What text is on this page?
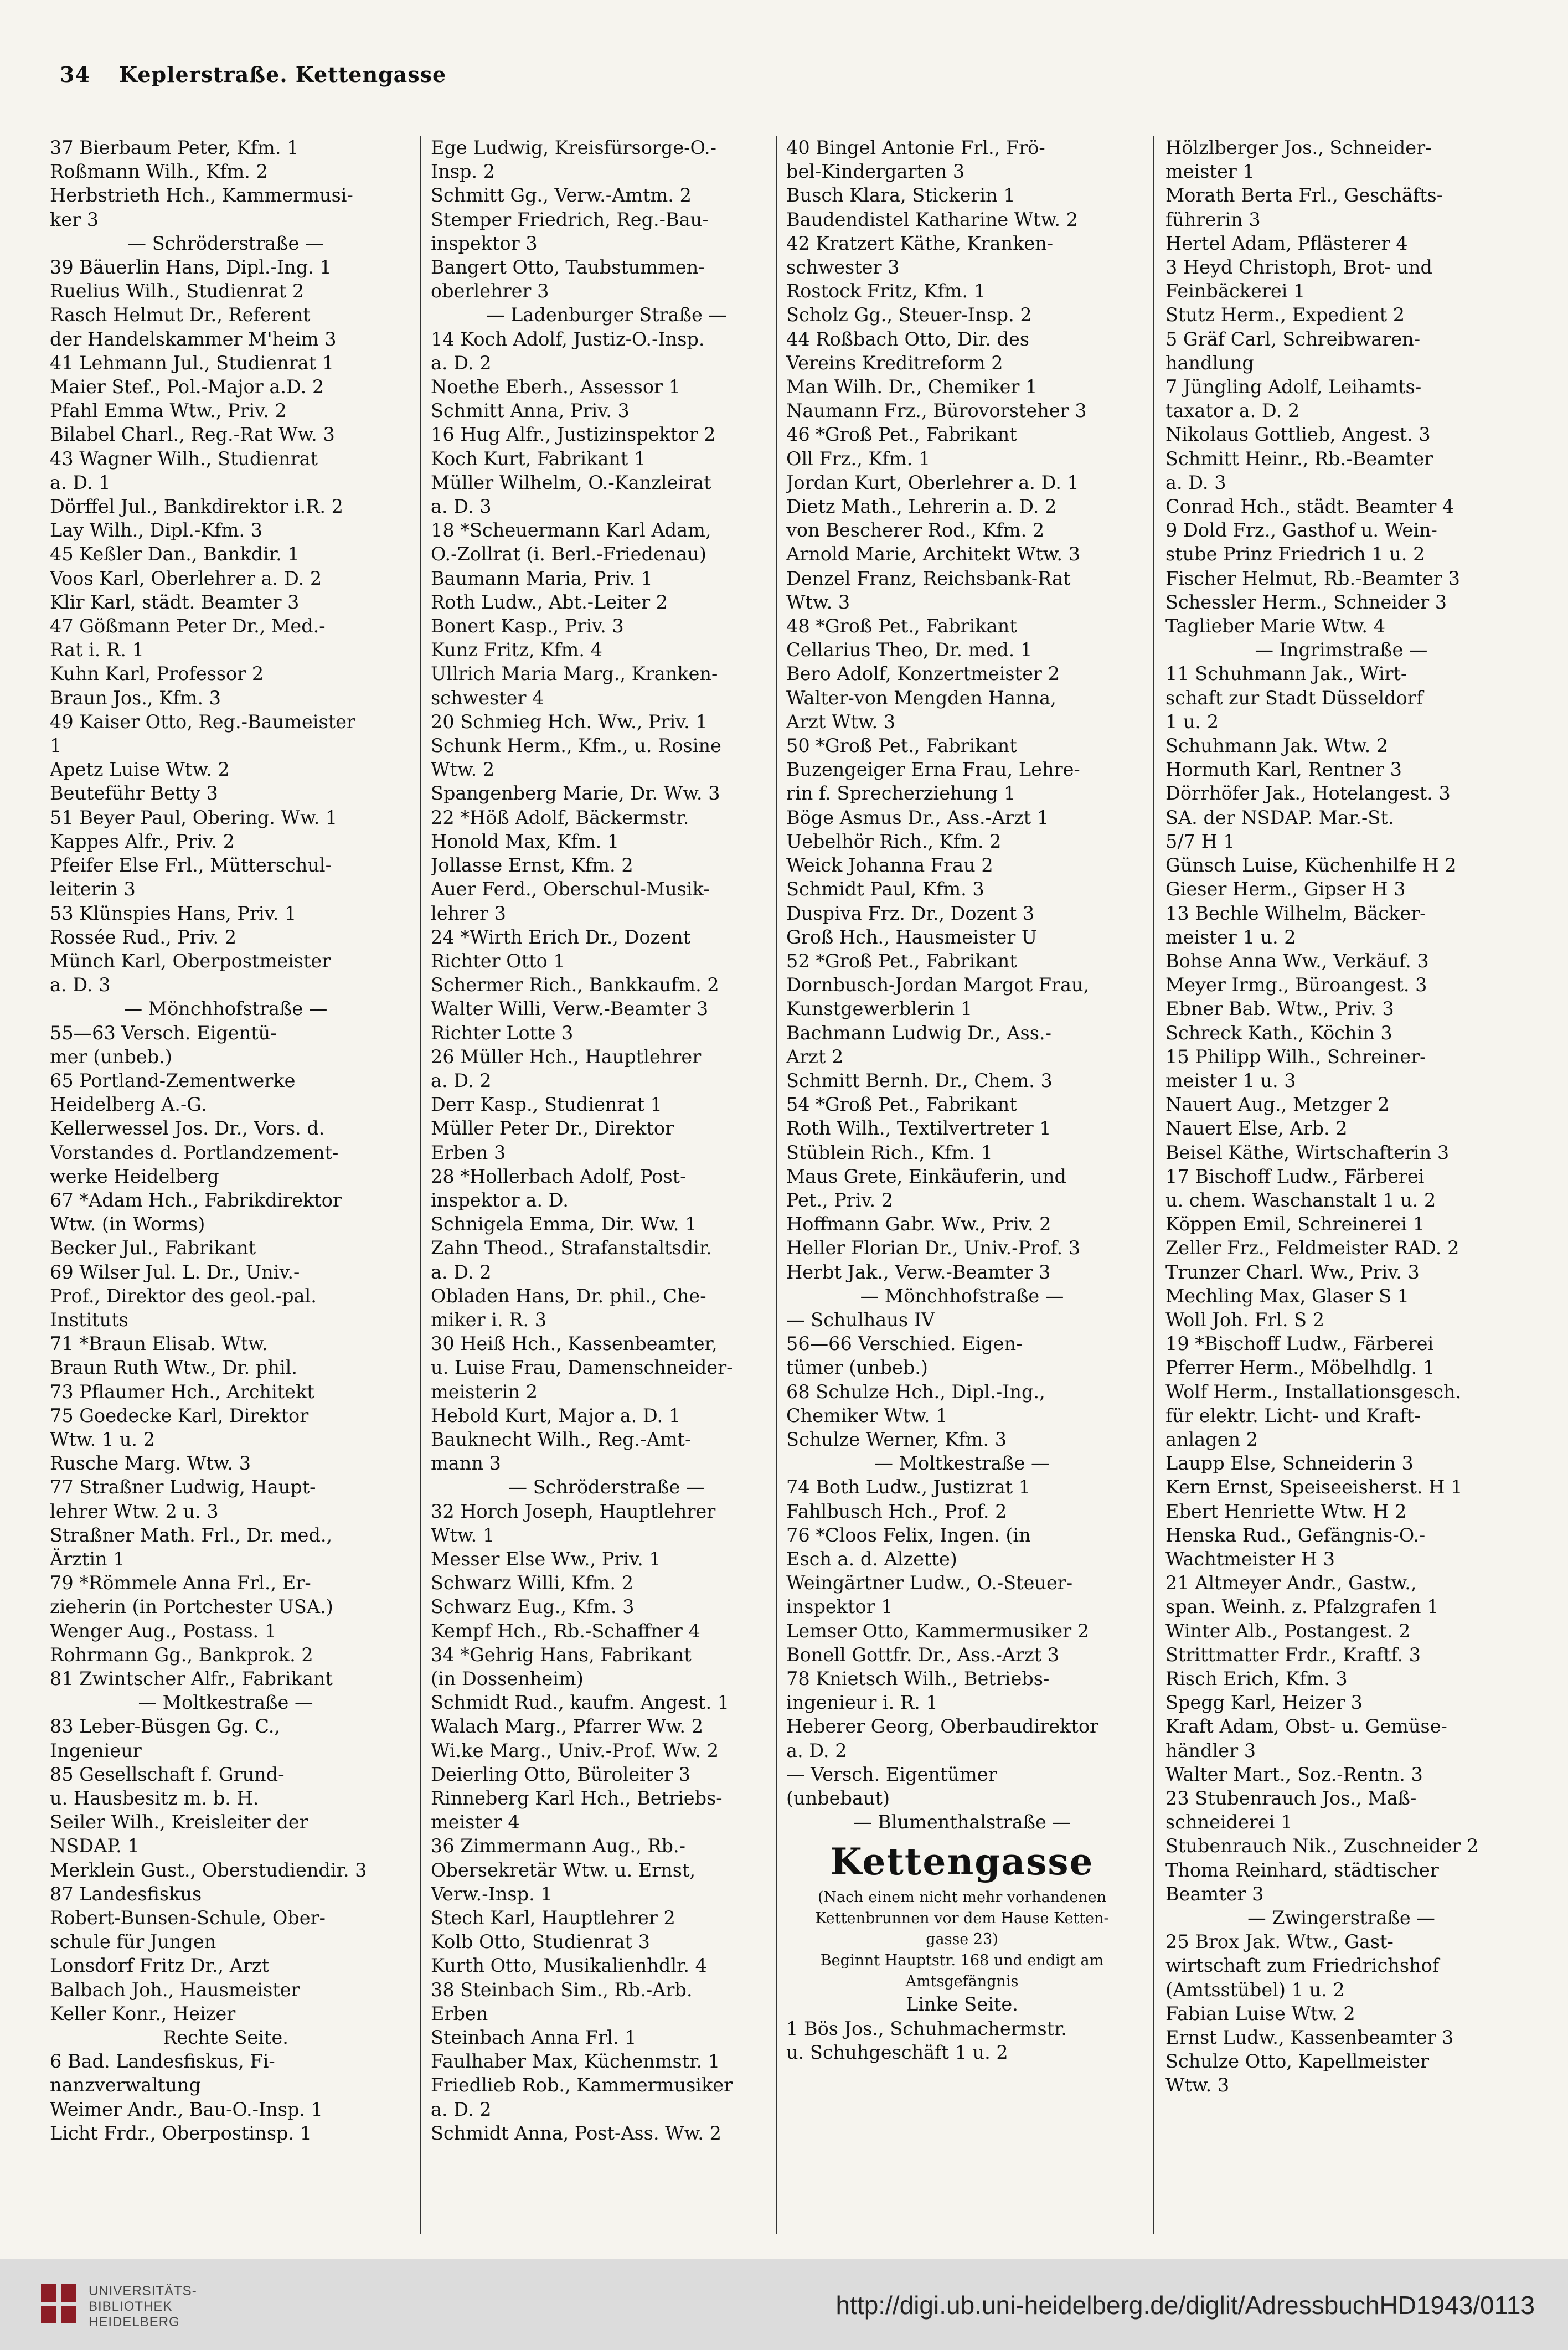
34 Keplerstraße. Kettengasse
37 Bierbaum Peter, Kfm. 1
Roßmann Wilh., Kfm. 2
Herbstrieth Hch., Kammermusi-
ker 3
— Schröderstraße —
39 Bäuerlin Hans, Dipl.-Ing. 1
Ruelius Wilh., Studienrat 2
Rasch Helmut Dr., Referent
der Handelskammer M'heim 3
41 Lehmann Jul., Studienrat 1
Maier Stef., Pol.-Major a.D. 2
Pfahl Emma Wtw., Priv. 2
Bilabel Charl., Reg.-Rat Ww. 3
43 Wagner Wilh., Studienrat
a. D. 1
Dörffel Jul., Bankdirektor i.R. 2
Lay Wilh., Dipl.-Kfm. 3
45 Keßler Dan., Bankdir. 1
Voos Karl, Oberlehrer a. D. 2
Klir Karl, städt. Beamter 3
47 Gößmann Peter Dr., Med.-
Rat i. R. 1
Kuhn Karl, Professor 2
Braun Jos., Kfm. 3
49 Kaiser Otto, Reg.-Baumeister
1
Apetz Luise Wtw. 2
Beuteführ Betty 3
51 Beyer Paul, Obering. Ww. 1
Kappes Alfr., Priv. 2
Pfeifer Else Frl., Mütterschul-
leiterin 3
53 Klünspies Hans, Priv. 1
Rossée Rud., Priv. 2
Münch Karl, Oberpostmeister
a. D. 3
— Mönchhofstraße —
55—63 Versch. Eigentü-
mer (unbeb.)
65 Portland-Zementwerke
Heidelberg A.-G.
Kellerwessel Jos. Dr., Vors. d.
Vorstandes d. Portlandzement-
werke Heidelberg
67 *Adam Hch., Fabrikdirektor
Wtw. (in Worms)
Becker Jul., Fabrikant
69 Wilser Jul. L. Dr., Univ.-
Prof., Direktor des geol.-pal.
Instituts
71 *Braun Elisab. Wtw.
Braun Ruth Wtw., Dr. phil.
73 Pflaumer Hch., Architekt
75 Goedecke Karl, Direktor
Wtw. 1 u. 2
Rusche Marg. Wtw. 3
77 Straßner Ludwig, Haupt-
lehrer Wtw. 2 u. 3
Straßner Math. Frl., Dr. med.,
Ärztin 1
79 *Römmele Anna Frl., Er-
zieherin (in Portchester USA.)
Wenger Aug., Postass. 1
Rohrmann Gg., Bankprok. 2
81 Zwintscher Alfr., Fabrikant
— Moltkestraße —
83 Leber-Büsgen Gg. C.,
Ingenieur
85 Gesellschaft f. Grund-
u. Hausbesitz m. b. H.
Seiler Wilh., Kreisleiter der
NSDAP. 1
Merklein Gust., Oberstudiendir. 3
87 Landesfiskus
Robert-Bunsen-Schule, Ober-
schule für Jungen
Lonsdorf Fritz Dr., Arzt
Balbach Joh., Hausmeister
Keller Konr., Heizer
Rechte Seite.
6 Bad. Landesfiskus, Fi-
nanzverwaltung
Weimer Andr., Bau-O.-Insp. 1
Licht Frdr., Oberpostinsp. 1
Ege Ludwig, Kreisfürsorge-O.-
Insp. 2
Schmitt Gg., Verw.-Amtm. 2
Stemper Friedrich, Reg.-Bau-
inspektor 3
Bangert Otto, Taubstummen-
oberlehrer 3
— Ladenburger Straße —
14 Koch Adolf, Justiz-O.-Insp.
a. D. 2
Noethe Eberh., Assessor 1
Schmitt Anna, Priv. 3
16 Hug Alfr., Justizinspektor 2
Koch Kurt, Fabrikant 1
Müller Wilhelm, O.-Kanzleirat
a. D. 3
18 *Scheuermann Karl Adam,
O.-Zollrat (i. Berl.-Friedenau)
Baumann Maria, Priv. 1
Roth Ludw., Abt.-Leiter 2
Bonert Kasp., Priv. 3
Kunz Fritz, Kfm. 4
Ullrich Maria Marg., Kranken-
schwester 4
20 Schmieg Hch. Ww., Priv. 1
Schunk Herm., Kfm., u. Rosine
Wtw. 2
Spangenberg Marie, Dr. Ww. 3
22 *Höß Adolf, Bäckermstr.
Honold Max, Kfm. 1
Jollasse Ernst, Kfm. 2
Auer Ferd., Oberschul-Musik-
lehrer 3
24 *Wirth Erich Dr., Dozent
Richter Otto 1
Schermer Rich., Bankkaufm. 2
Walter Willi, Verw.-Beamter 3
Richter Lotte 3
26 Müller Hch., Hauptlehrer
a. D. 2
Derr Kasp., Studienrat 1
Müller Peter Dr., Direktor
Erben 3
28 *Hollerbach Adolf, Post-
inspektor a. D.
Schnigela Emma, Dir. Ww. 1
Zahn Theod., Strafanstaltsdir.
a. D. 2
Obladen Hans, Dr. phil., Che-
miker i. R. 3
30 Heiß Hch., Kassenbeamter,
u. Luise Frau, Damenschneider-
meisterin 2
Hebold Kurt, Major a. D. 1
Bauknecht Wilh., Reg.-Amt-
mann 3
— Schröderstraße —
32 Horch Joseph, Hauptlehrer
Wtw. 1
Messer Else Ww., Priv. 1
Schwarz Willi, Kfm. 2
Schwarz Eug., Kfm. 3
Kempf Hch., Rb.-Schaffner 4
34 *Gehrig Hans, Fabrikant
(in Dossenheim)
Schmidt Rud., kaufm. Angest. 1
Walach Marg., Pfarrer Ww. 2
Wi.ke Marg., Univ.-Prof. Ww. 2
Deierling Otto, Büroleiter 3
Rinneberg Karl Hch., Betriebs-
meister 4
36 Zimmermann Aug., Rb.-
Obersekretär Wtw. u. Ernst,
Verw.-Insp. 1
Stech Karl, Hauptlehrer 2
Kolb Otto, Studienrat 3
Kurth Otto, Musikalienhdlr. 4
38 Steinbach Sim., Rb.-Arb.
Erben
Steinbach Anna Frl. 1
Faulhaber Max, Küchenmstr. 1
Friedlieb Rob., Kammermusiker
a. D. 2
Schmidt Anna, Post-Ass. Ww. 2
40 Bingel Antonie Frl., Frö-
bel-Kindergarten 3
Busch Klara, Stickerin 1
Baudendistel Katharine Wtw. 2
42 Kratzert Käthe, Kranken-
schwester 3
Rostock Fritz, Kfm. 1
Scholz Gg., Steuer-Insp. 2
44 Roßbach Otto, Dir. des
Vereins Kreditreform 2
Man Wilh. Dr., Chemiker 1
Naumann Frz., Bürovorsteher 3
46 *Groß Pet., Fabrikant
Oll Frz., Kfm. 1
Jordan Kurt, Oberlehrer a. D. 1
Dietz Math., Lehrerin a. D. 2
von Bescherer Rod., Kfm. 2
Arnold Marie, Architekt Wtw. 3
Denzel Franz, Reichsbank-Rat
Wtw. 3
48 *Groß Pet., Fabrikant
Cellarius Theo, Dr. med. 1
Bero Adolf, Konzertmeister 2
Walter-von Mengden Hanna,
Arzt Wtw. 3
50 *Groß Pet., Fabrikant
Buzengeiger Erna Frau, Lehre-
rin f. Sprecherziehung 1
Böge Asmus Dr., Ass.-Arzt 1
Uebelhör Rich., Kfm. 2
Weick Johanna Frau 2
Schmidt Paul, Kfm. 3
Duspiva Frz. Dr., Dozent 3
Groß Hch., Hausmeister U
52 *Groß Pet., Fabrikant
Dornbusch-Jordan Margot Frau,
Kunstgewerblerin 1
Bachmann Ludwig Dr., Ass.-
Arzt 2
Schmitt Bernh. Dr., Chem. 3
54 *Groß Pet., Fabrikant
Roth Wilh., Textilvertreter 1
Stüblein Rich., Kfm. 1
Maus Grete, Einkäuferin, und
Pet., Priv. 2
Hoffmann Gabr. Ww., Priv. 2
Heller Florian Dr., Univ.-Prof. 3
Herbt Jak., Verw.-Beamter 3
— Mönchhofstraße —
— Schulhaus IV
56—66 Verschied. Eigen-
tümer (unbeb.)
68 Schulze Hch., Dipl.-Ing.,
Chemiker Wtw. 1
Schulze Werner, Kfm. 3
— Moltkestraße —
74 Both Ludw., Justizrat 1
Fahlbusch Hch., Prof. 2
76 *Cloos Felix, Ingen. (in
Esch a. d. Alzette)
Weingärtner Ludw., O.-Steuer-
inspektor 1
Lemser Otto, Kammermusiker 2
Bonell Gottfr. Dr., Ass.-Arzt 3
78 Knietsch Wilh., Betriebs-
ingenieur i. R. 1
Heberer Georg, Oberbaudirektor
a. D. 2
— Versch. Eigentümer
(unbebaut)
— Blumenthalstraße —
Kettengasse
(Nach einem nicht mehr vorhandenen
Kettenbrunnen vor dem Hause Ketten-
gasse 23)
Beginnt Hauptstr. 168 und endigt am
Amtsgefängnis
Linke Seite.
1 Bös Jos., Schuhmachermstr.
u. Schuhgeschäft 1 u. 2
Hölzlberger Jos., Schneider-
meister 1
Morath Berta Frl., Geschäfts-
führerin 3
Hertel Adam, Pflästerer 4
3 Heyd Christoph, Brot- und
Feinbäckerei 1
Stutz Herm., Expedient 2
5 Gräf Carl, Schreibwaren-
handlung
7 Jüngling Adolf, Leihamts-
taxator a. D. 2
Nikolaus Gottlieb, Angest. 3
Schmitt Heinr., Rb.-Beamter
a. D. 3
Conrad Hch., städt. Beamter 4
9 Dold Frz., Gasthof u. Wein-
stube Prinz Friedrich 1 u. 2
Fischer Helmut, Rb.-Beamter 3
Schessler Herm., Schneider 3
Taglieber Marie Wtw. 4
— Ingrimstraße —
11 Schuhmann Jak., Wirt-
schaft zur Stadt Düsseldorf
1 u. 2
Schuhmann Jak. Wtw. 2
Hormuth Karl, Rentner 3
Dörrhöfer Jak., Hotelangest. 3
SA. der NSDAP. Mar.-St.
5/7 H 1
Günsch Luise, Küchenhilfe H 2
Gieser Herm., Gipser H 3
13 Bechle Wilhelm, Bäcker-
meister 1 u. 2
Bohse Anna Ww., Verkäuf. 3
Meyer Irmg., Büroangest. 3
Ebner Bab. Wtw., Priv. 3
Schreck Kath., Köchin 3
15 Philipp Wilh., Schreiner-
meister 1 u. 3
Nauert Aug., Metzger 2
Nauert Else, Arb. 2
Beisel Käthe, Wirtschafterin 3
17 Bischoff Ludw., Färberei
u. chem. Waschanstalt 1 u. 2
Köppen Emil, Schreinerei 1
Zeller Frz., Feldmeister RAD. 2
Trunzer Charl. Ww., Priv. 3
Mechling Max, Glaser S 1
Woll Joh. Frl. S 2
19 *Bischoff Ludw., Färberei
Pferrer Herm., Möbelhdlg. 1
Wolf Herm., Installationsgesch.
für elektr. Licht- und Kraft-
anlagen 2
Laupp Else, Schneiderin 3
Kern Ernst, Speiseeisherst. H 1
Ebert Henriette Wtw. H 2
Henska Rud., Gefängnis-O.-
Wachtmeister H 3
21 Altmeyer Andr., Gastw.,
span. Weinh. z. Pfalzgrafen 1
Winter Alb., Postangest. 2
Strittmatter Frdr., Kraftf. 3
Risch Erich, Kfm. 3
Spegg Karl, Heizer 3
Kraft Adam, Obst- u. Gemüse-
händler 3
Walter Mart., Soz.-Rentn. 3
23 Stubenrauch Jos., Maß-
schneiderei 1
Stubenrauch Nik., Zuschneider 2
Thoma Reinhard, städtischer
Beamter 3
— Zwingerstraße —
25 Brox Jak. Wtw., Gast-
wirtschaft zum Friedrichshof
(Amtsstübel) 1 u. 2
Fabian Luise Wtw. 2
Ernst Ludw., Kassenbeamter 3
Schulze Otto, Kapellmeister
Wtw. 3
UNIVERSITÄTS-
BIBLIOTHEK
HEIDELBERG
http://digi.ub.uni-heidelberg.de/diglit/AdressbuchHD1943/0113
